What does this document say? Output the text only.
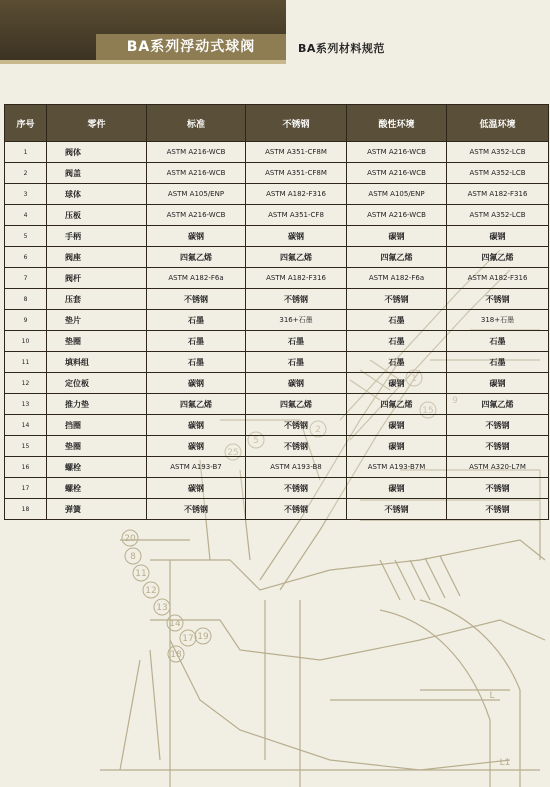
20
8
11
12
13
14
17 19
18
1
15
5
2
25
9
L
L1
BA系列浮动式球阀	BA系列材料规范
序号	零件	标准	不锈钢	酸性环境	低温环境
1	阀体	ASTM A216-WCB	ASTM A351-CF8M	ASTM A216-WCB	ASTM A352-LCB
2	阀盖	ASTM A216-WCB	ASTM A351-CF8M	ASTM A216-WCB	ASTM A352-LCB
3	球体	ASTM A105/ENP	ASTM A182-F316	ASTM A105/ENP	ASTM A182-F316
4	压板	ASTM A216-WCB	ASTM A351-CF8	ASTM A216-WCB	ASTM A352-LCB
5	手柄	碳钢	碳钢	碳钢	碳钢
6	阀座	四氟乙烯	四氟乙烯	四氟乙烯	四氟乙烯
7	阀杆	ASTM A182-F6a	ASTM A182-F316	ASTM A182-F6a	ASTM A182-F316
8	压套	不锈钢	不锈钢	不锈钢	不锈钢
9	垫片	石墨	316+石墨	石墨	318+石墨
10	垫圈	石墨	石墨	石墨	石墨
11	填料组	石墨	石墨	石墨	石墨
12	定位板	碳钢	碳钢	碳钢	碳钢
13	推力垫	四氟乙烯	四氟乙烯	四氟乙烯	四氟乙烯
14	挡圈	碳钢	不锈钢	碳钢	不锈钢
15	垫圈	碳钢	不锈钢	碳钢	不锈钢
16	螺栓	ASTM A193-B7	ASTM A193-B8	ASTM A193-B7M	ASTM A320-L7M
17	螺栓	碳钢	不锈钢	碳钢	不锈钢
18	弹簧	不锈钢	不锈钢	不锈钢	不锈钢
